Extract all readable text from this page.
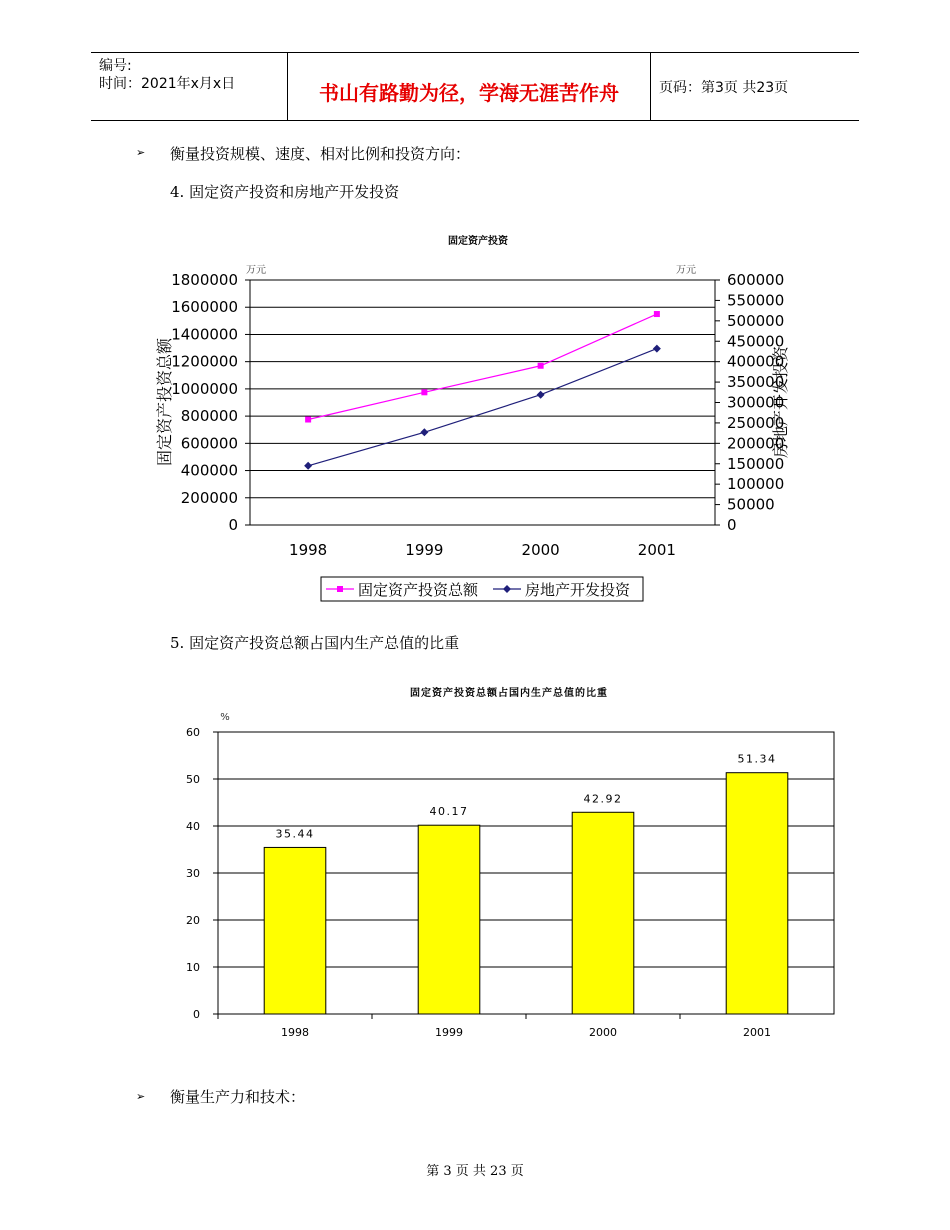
编号:
时间：2021年x月x日	书山有路勤为径，学海无涯苦作舟	页码：第3页 共23页
➢ 衡量投资规模、速度、相对比例和投资方向：
4. 固定资产投资和房地产开发投资
固定资产投资
万元	万元
0
200000
400000
600000
800000
1000000
1200000
1400000
1600000
1800000
0
50000
100000
150000
200000
250000
300000
350000
400000
450000
500000
550000
600000
1998	1999	2000	2001
固定资产投资总额	房地产开发投资
固定资产投资总额	房地产开发投资
5. 固定资产投资总额占国内生产总值的比重
固定资产投资总额占国内生产总值的比重
%
0
10
20
30
40
50
60
35.44
40.17
42.92
51.34
1998	1999	2000	2001
➢ 衡量生产力和技术：
第 3 页 共 23 页
